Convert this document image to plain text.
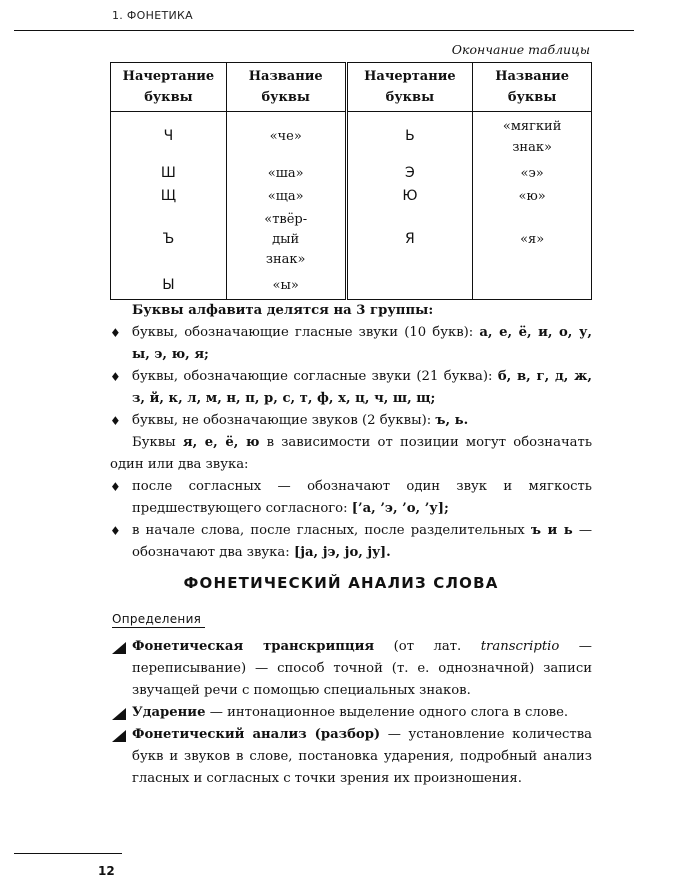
1. ФОНЕТИКА
Окончание таблицы
Начертание буквы	Название буквы	Начертание буквы	Название буквы
Ч	«че»	Ь	«мягкий знак»

Ш	«ша»	Э	«э»
Щ	«ща»	Ю	«ю»
Ъ	«твёр-дый знак»	Я	«я»
Ы	«ы»		

Буквы алфавита делятся на 3 группы:

♦ буквы, обозначающие гласные звуки (10 букв): а, е, ё, и, о, у, ы, э, ю, я;

♦ буквы, обозначающие согласные звуки (21 буква): б, в, г, д, ж, з, й, к, л, м, н, п, р, с, т, ф, х, ц, ч, ш, щ;

♦ буквы, не обозначающие звуков (2 буквы): ъ, ь.

Буквы я, е, ё, ю в зависимости от позиции могут обозначать один или два звука:

♦ после согласных — обозначают один звук и мягкость предшествующего согласного: [’а, ’э, ’о, ’у];

♦ в начале слова, после гласных, после разделительных ъ и ь — обозначают два звука: [ja, jэ, jo, jy].

ФОНЕТИЧЕСКИЙ АНАЛИЗ СЛОВА
Определения

Фонетическая транскрипция (от лат. transcriptio — переписывание) — способ точной (т. е. однозначной) записи звучащей речи с помощью специальных знаков.

Ударение — интонационное выделение одного слога в слове.

Фонетический анализ (разбор) — установление количества букв и звуков в слове, постановка ударения, подробный анализ гласных и согласных с точки зрения их произношения.

12
